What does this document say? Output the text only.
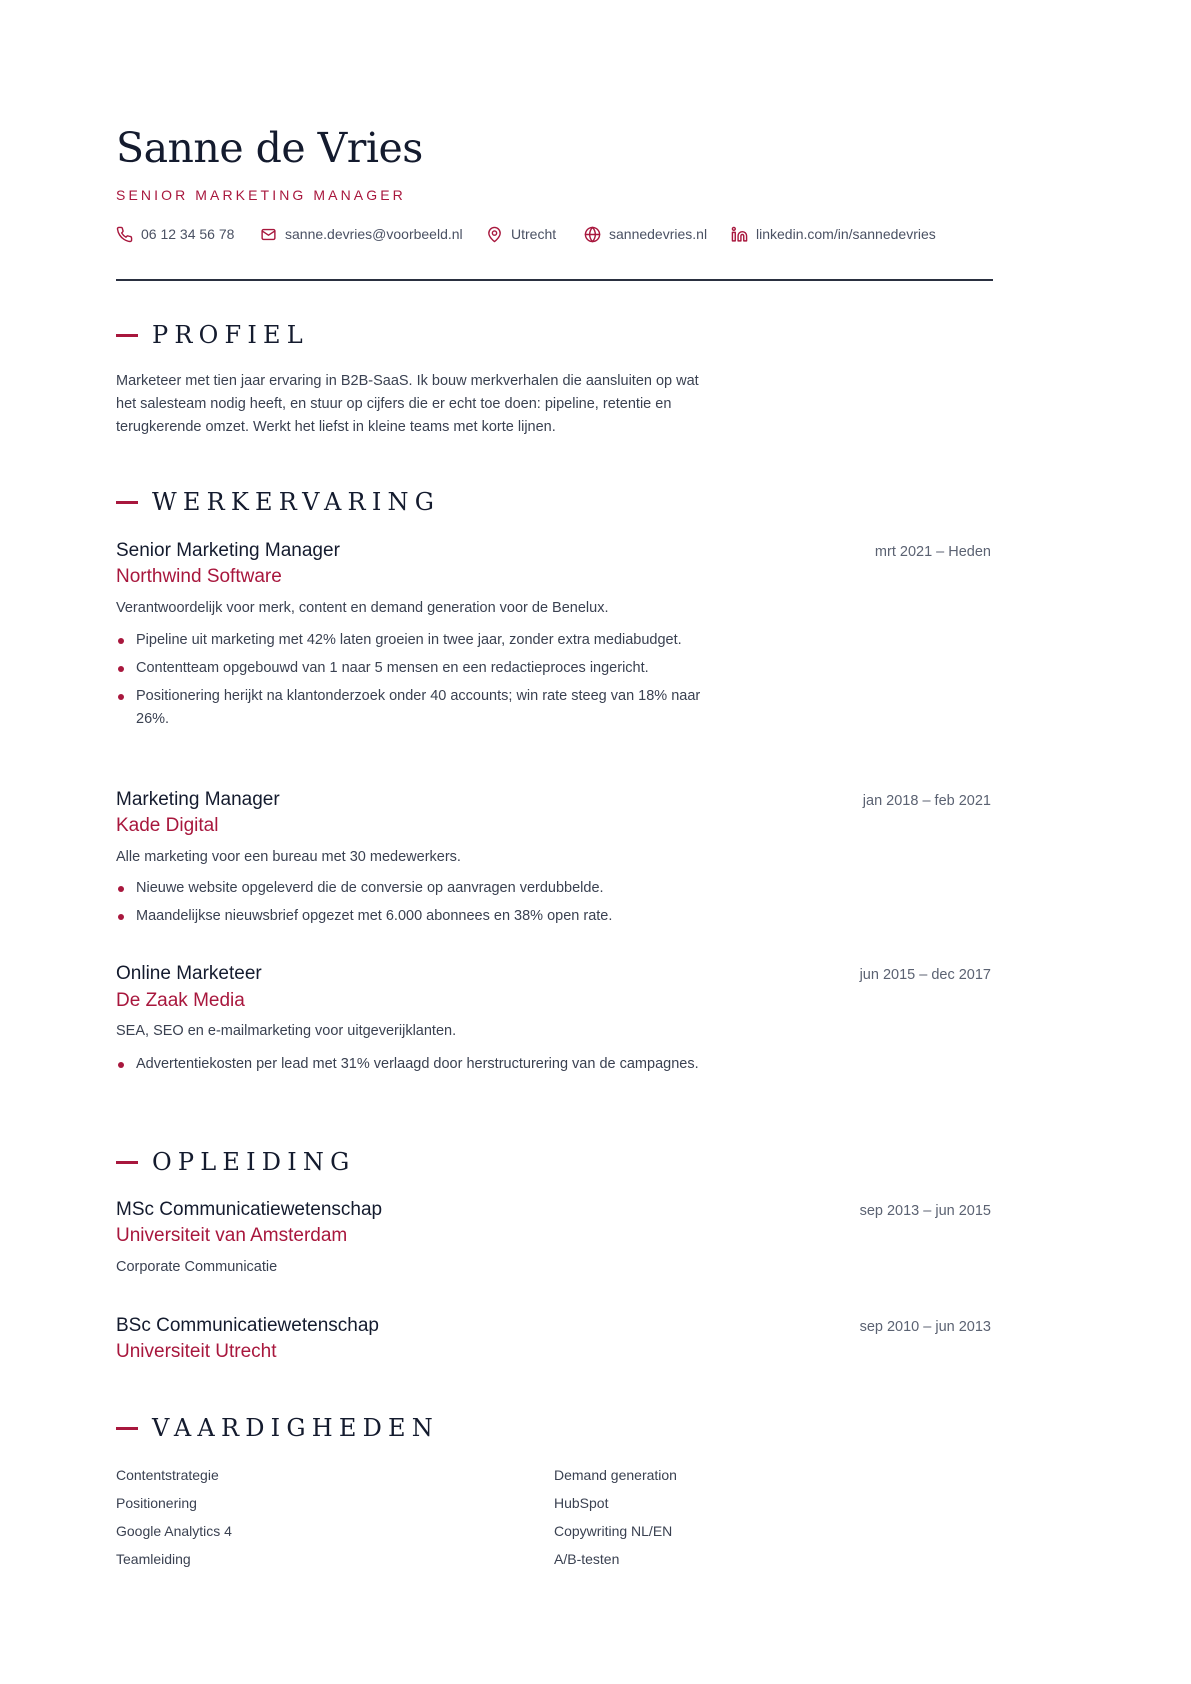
Sanne de Vries
SENIOR MARKETING MANAGER
06 12 34 56 78	sanne.devries@voorbeeld.nl	Utrecht	sannedevries.nl	linkedin.com/in/sannedevries
PROFIEL

Marketeer met tien jaar ervaring in B2B-SaaS. Ik bouw merkverhalen die aansluiten op wat het salesteam nodig heeft, en stuur op cijfers die er echt toe doen: pipeline, retentie en terugkerende omzet. Werkt het liefst in kleine teams met korte lijnen.

WERKERVARING
Senior Marketing Manager	mrt 2021 – Heden
Northwind Software
Verantwoordelijk voor merk, content en demand generation voor de Benelux.
Pipeline uit marketing met 42% laten groeien in twee jaar, zonder extra mediabudget.
Contentteam opgebouwd van 1 naar 5 mensen en een redactieproces ingericht.
Positionering herijkt na klantonderzoek onder 40 accounts; win rate steeg van 18% naar 26%.
Marketing Manager	jan 2018 – feb 2021
Kade Digital
Alle marketing voor een bureau met 30 medewerkers.
Nieuwe website opgeleverd die de conversie op aanvragen verdubbelde.
Maandelijkse nieuwsbrief opgezet met 6.000 abonnees en 38% open rate.
Online Marketeer	jun 2015 – dec 2017
De Zaak Media
SEA, SEO en e-mailmarketing voor uitgeverijklanten.
Advertentiekosten per lead met 31% verlaagd door herstructurering van de campagnes.
OPLEIDING
MSc Communicatiewetenschap	sep 2013 – jun 2015
Universiteit van Amsterdam
Corporate Communicatie
BSc Communicatiewetenschap	sep 2010 – jun 2013
Universiteit Utrecht
VAARDIGHEDEN
Contentstrategie
Positionering
Google Analytics 4
Teamleiding
Demand generation
HubSpot
Copywriting NL/EN
A/B-testen
